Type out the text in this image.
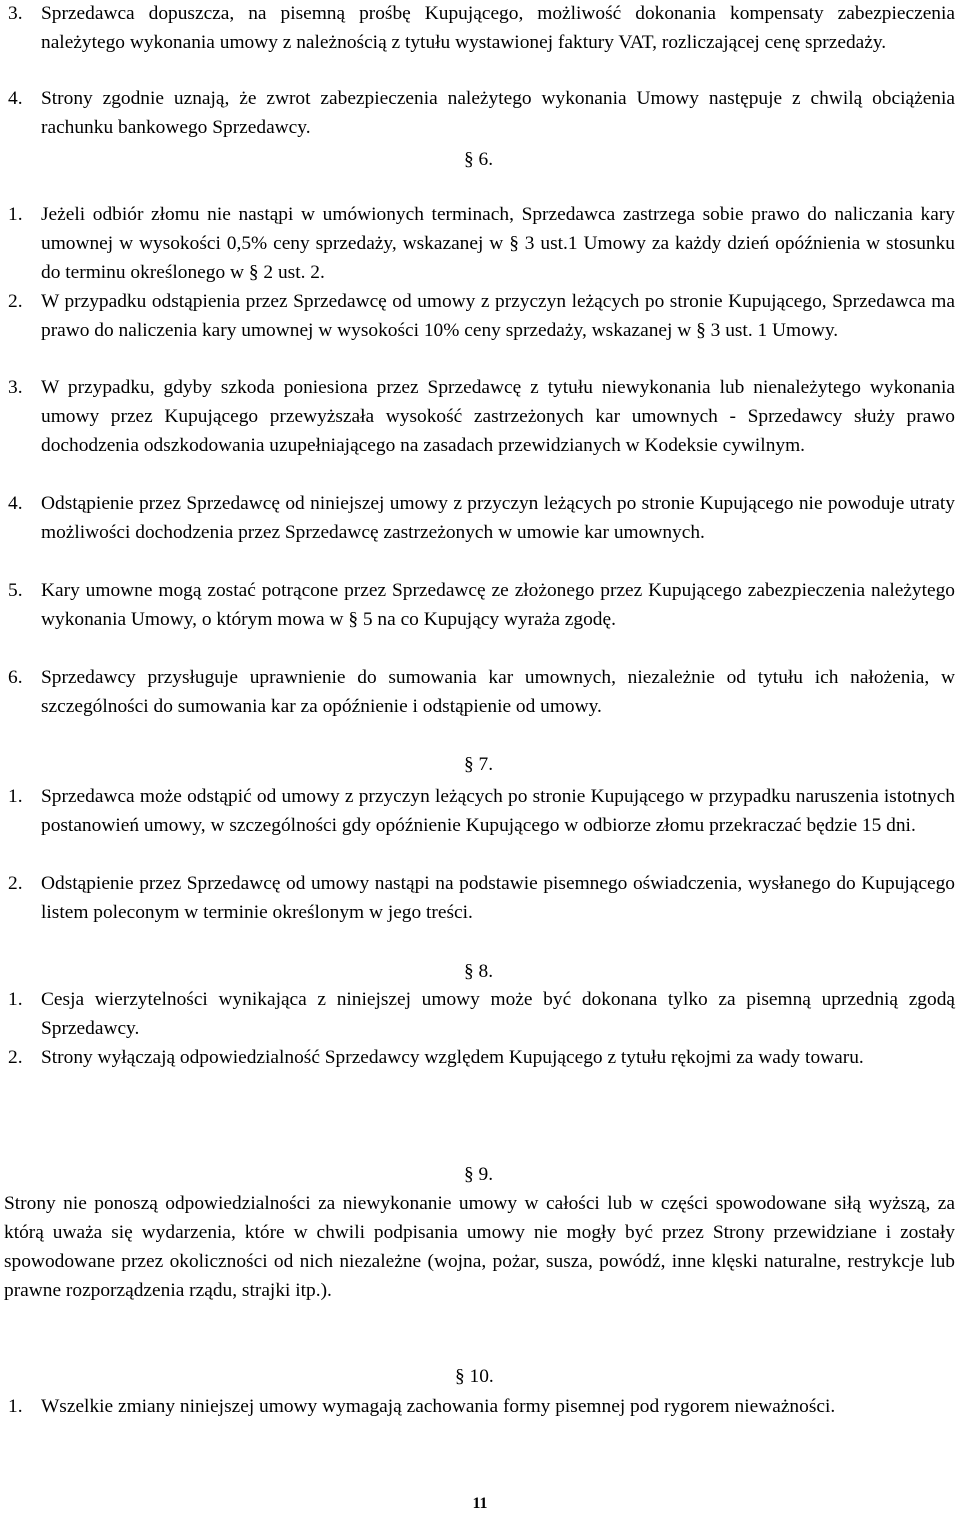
3. Sprzedawca dopuszcza, na pisemną prośbę Kupującego, możliwość dokonania kompensaty zabezpieczenia należytego wykonania umowy z należnością z tytułu wystawionej faktury VAT, rozliczającej cenę sprzedaży.
4. Strony zgodnie uznają, że zwrot zabezpieczenia należytego wykonania Umowy następuje z chwilą obciążenia rachunku bankowego Sprzedawcy.
§ 6.
1. Jeżeli odbiór złomu nie nastąpi w umówionych terminach, Sprzedawca zastrzega sobie prawo do naliczania kary umownej w wysokości 0,5% ceny sprzedaży, wskazanej w § 3 ust.1 Umowy za każdy dzień opóźnienia w stosunku do terminu określonego w § 2 ust. 2.
2. W przypadku odstąpienia przez Sprzedawcę od umowy z przyczyn leżących po stronie Kupującego, Sprzedawca ma prawo do naliczenia kary umownej w wysokości 10% ceny sprzedaży, wskazanej w § 3 ust. 1 Umowy.
3. W przypadku, gdyby szkoda poniesiona przez Sprzedawcę z tytułu niewykonania lub nienależytego wykonania umowy przez Kupującego przewyższała wysokość zastrzeżonych kar umownych - Sprzedawcy służy prawo dochodzenia odszkodowania uzupełniającego na zasadach przewidzianych w Kodeksie cywilnym.
4. Odstąpienie przez Sprzedawcę od niniejszej umowy z przyczyn leżących po stronie Kupującego nie powoduje utraty możliwości dochodzenia przez Sprzedawcę zastrzeżonych w umowie kar umownych.
5. Kary umowne mogą zostać potrącone przez Sprzedawcę ze złożonego przez Kupującego zabezpieczenia należytego wykonania Umowy, o którym mowa w § 5 na co Kupujący wyraża zgodę.
6. Sprzedawcy przysługuje uprawnienie do sumowania kar umownych, niezależnie od tytułu ich nałożenia, w szczególności do sumowania kar za opóźnienie i odstąpienie od umowy.
§ 7.
1. Sprzedawca może odstąpić od umowy z przyczyn leżących po stronie Kupującego w przypadku naruszenia istotnych postanowień umowy, w szczególności gdy opóźnienie Kupującego w odbiorze złomu przekraczać będzie 15 dni.
2. Odstąpienie przez Sprzedawcę od umowy nastąpi na podstawie pisemnego oświadczenia, wysłanego do Kupującego listem poleconym w terminie określonym w jego treści.
§ 8.
1. Cesja wierzytelności wynikająca z niniejszej umowy może być dokonana tylko za pisemną uprzednią zgodą Sprzedawcy.
2. Strony wyłączają odpowiedzialność Sprzedawcy względem Kupującego z tytułu rękojmi za wady towaru.
§ 9.
Strony nie ponoszą odpowiedzialności za niewykonanie umowy w całości lub w części spowodowane siłą wyższą, za którą uważa się wydarzenia, które w chwili podpisania umowy nie mogły być przez Strony przewidziane i zostały spowodowane przez okoliczności od nich niezależne (wojna, pożar, susza, powódź, inne klęski naturalne, restrykcje lub prawne rozporządzenia rządu, strajki itp.).
§ 10.
1. Wszelkie zmiany niniejszej umowy wymagają zachowania formy pisemnej pod rygorem nieważności.
11
